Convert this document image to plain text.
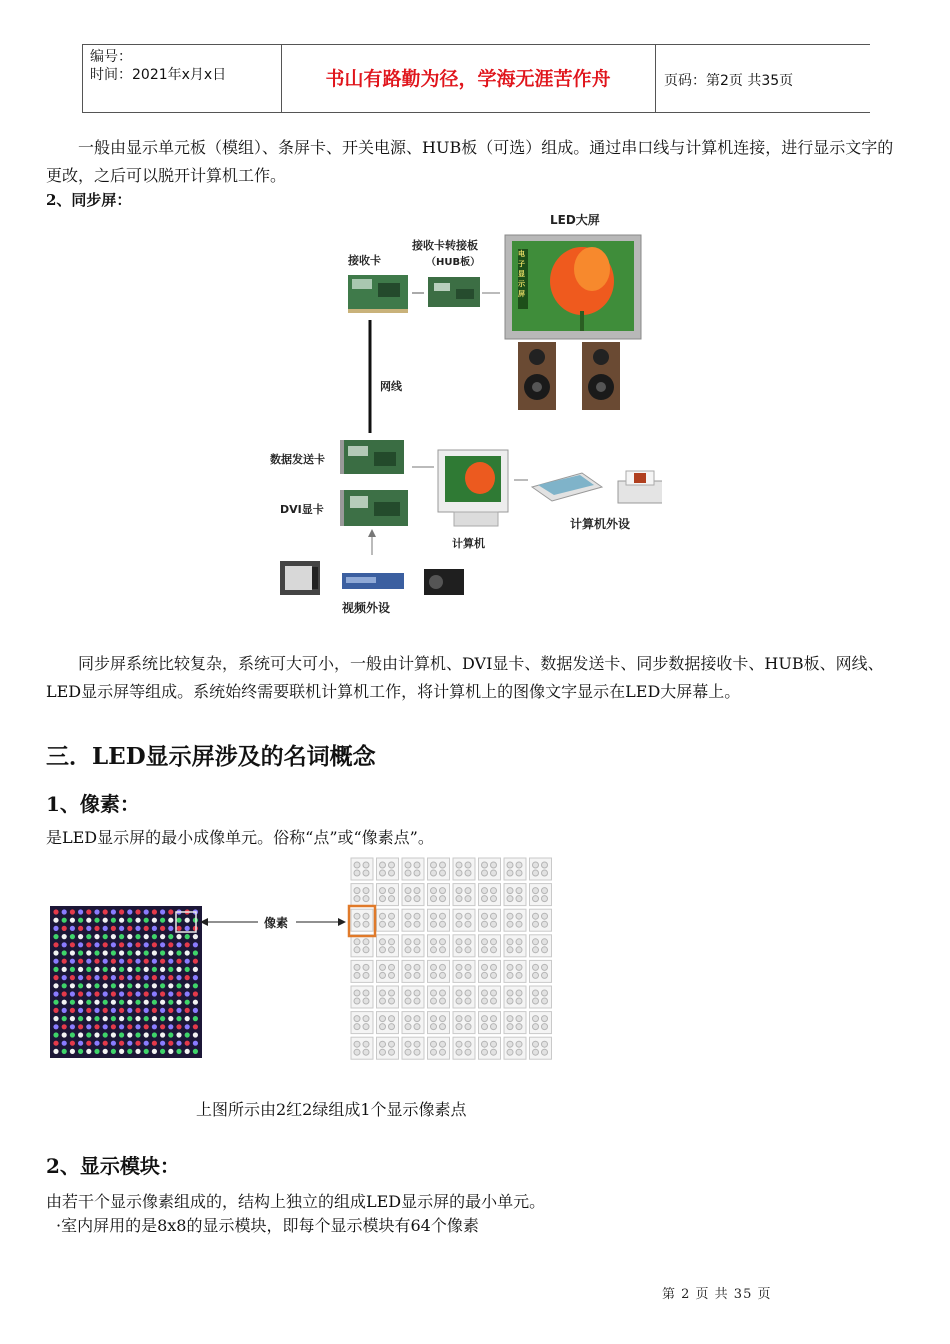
编号：
时间：2021年x月x日	书山有路勤为径，学海无涯苦作舟	页码：第2页 共35页
一般由显示单元板（模组）、条屏卡、开关电源、HUB板（可选）组成。通过串口线与计算机连接，进行显示文字的更改，之后可以脱开计算机工作。
2、同步屏：
LED大屏
接收卡
接收卡转接板
（HUB板）
网线
数据发送卡
DVI显卡
计算机
计算机外设
视频外设
电子显示屏
同步屏系统比较复杂，系统可大可小，一般由计算机、DVI显卡、数据发送卡、同步数据接收卡、HUB板、网线、LED显示屏等组成。系统始终需要联机计算机工作，将计算机上的图像文字显示在LED大屏幕上。
三．LED显示屏涉及的名词概念
1、像素：
是LED显示屏的最小成像单元。俗称“点”或“像素点”。
像素
上图所示由2红2绿组成1个显示像素点
2、显示模块：
由若干个显示像素组成的，结构上独立的组成LED显示屏的最小单元。
·室内屏用的是8x8的显示模块，即每个显示模块有64个像素
第 2 页 共 35 页
